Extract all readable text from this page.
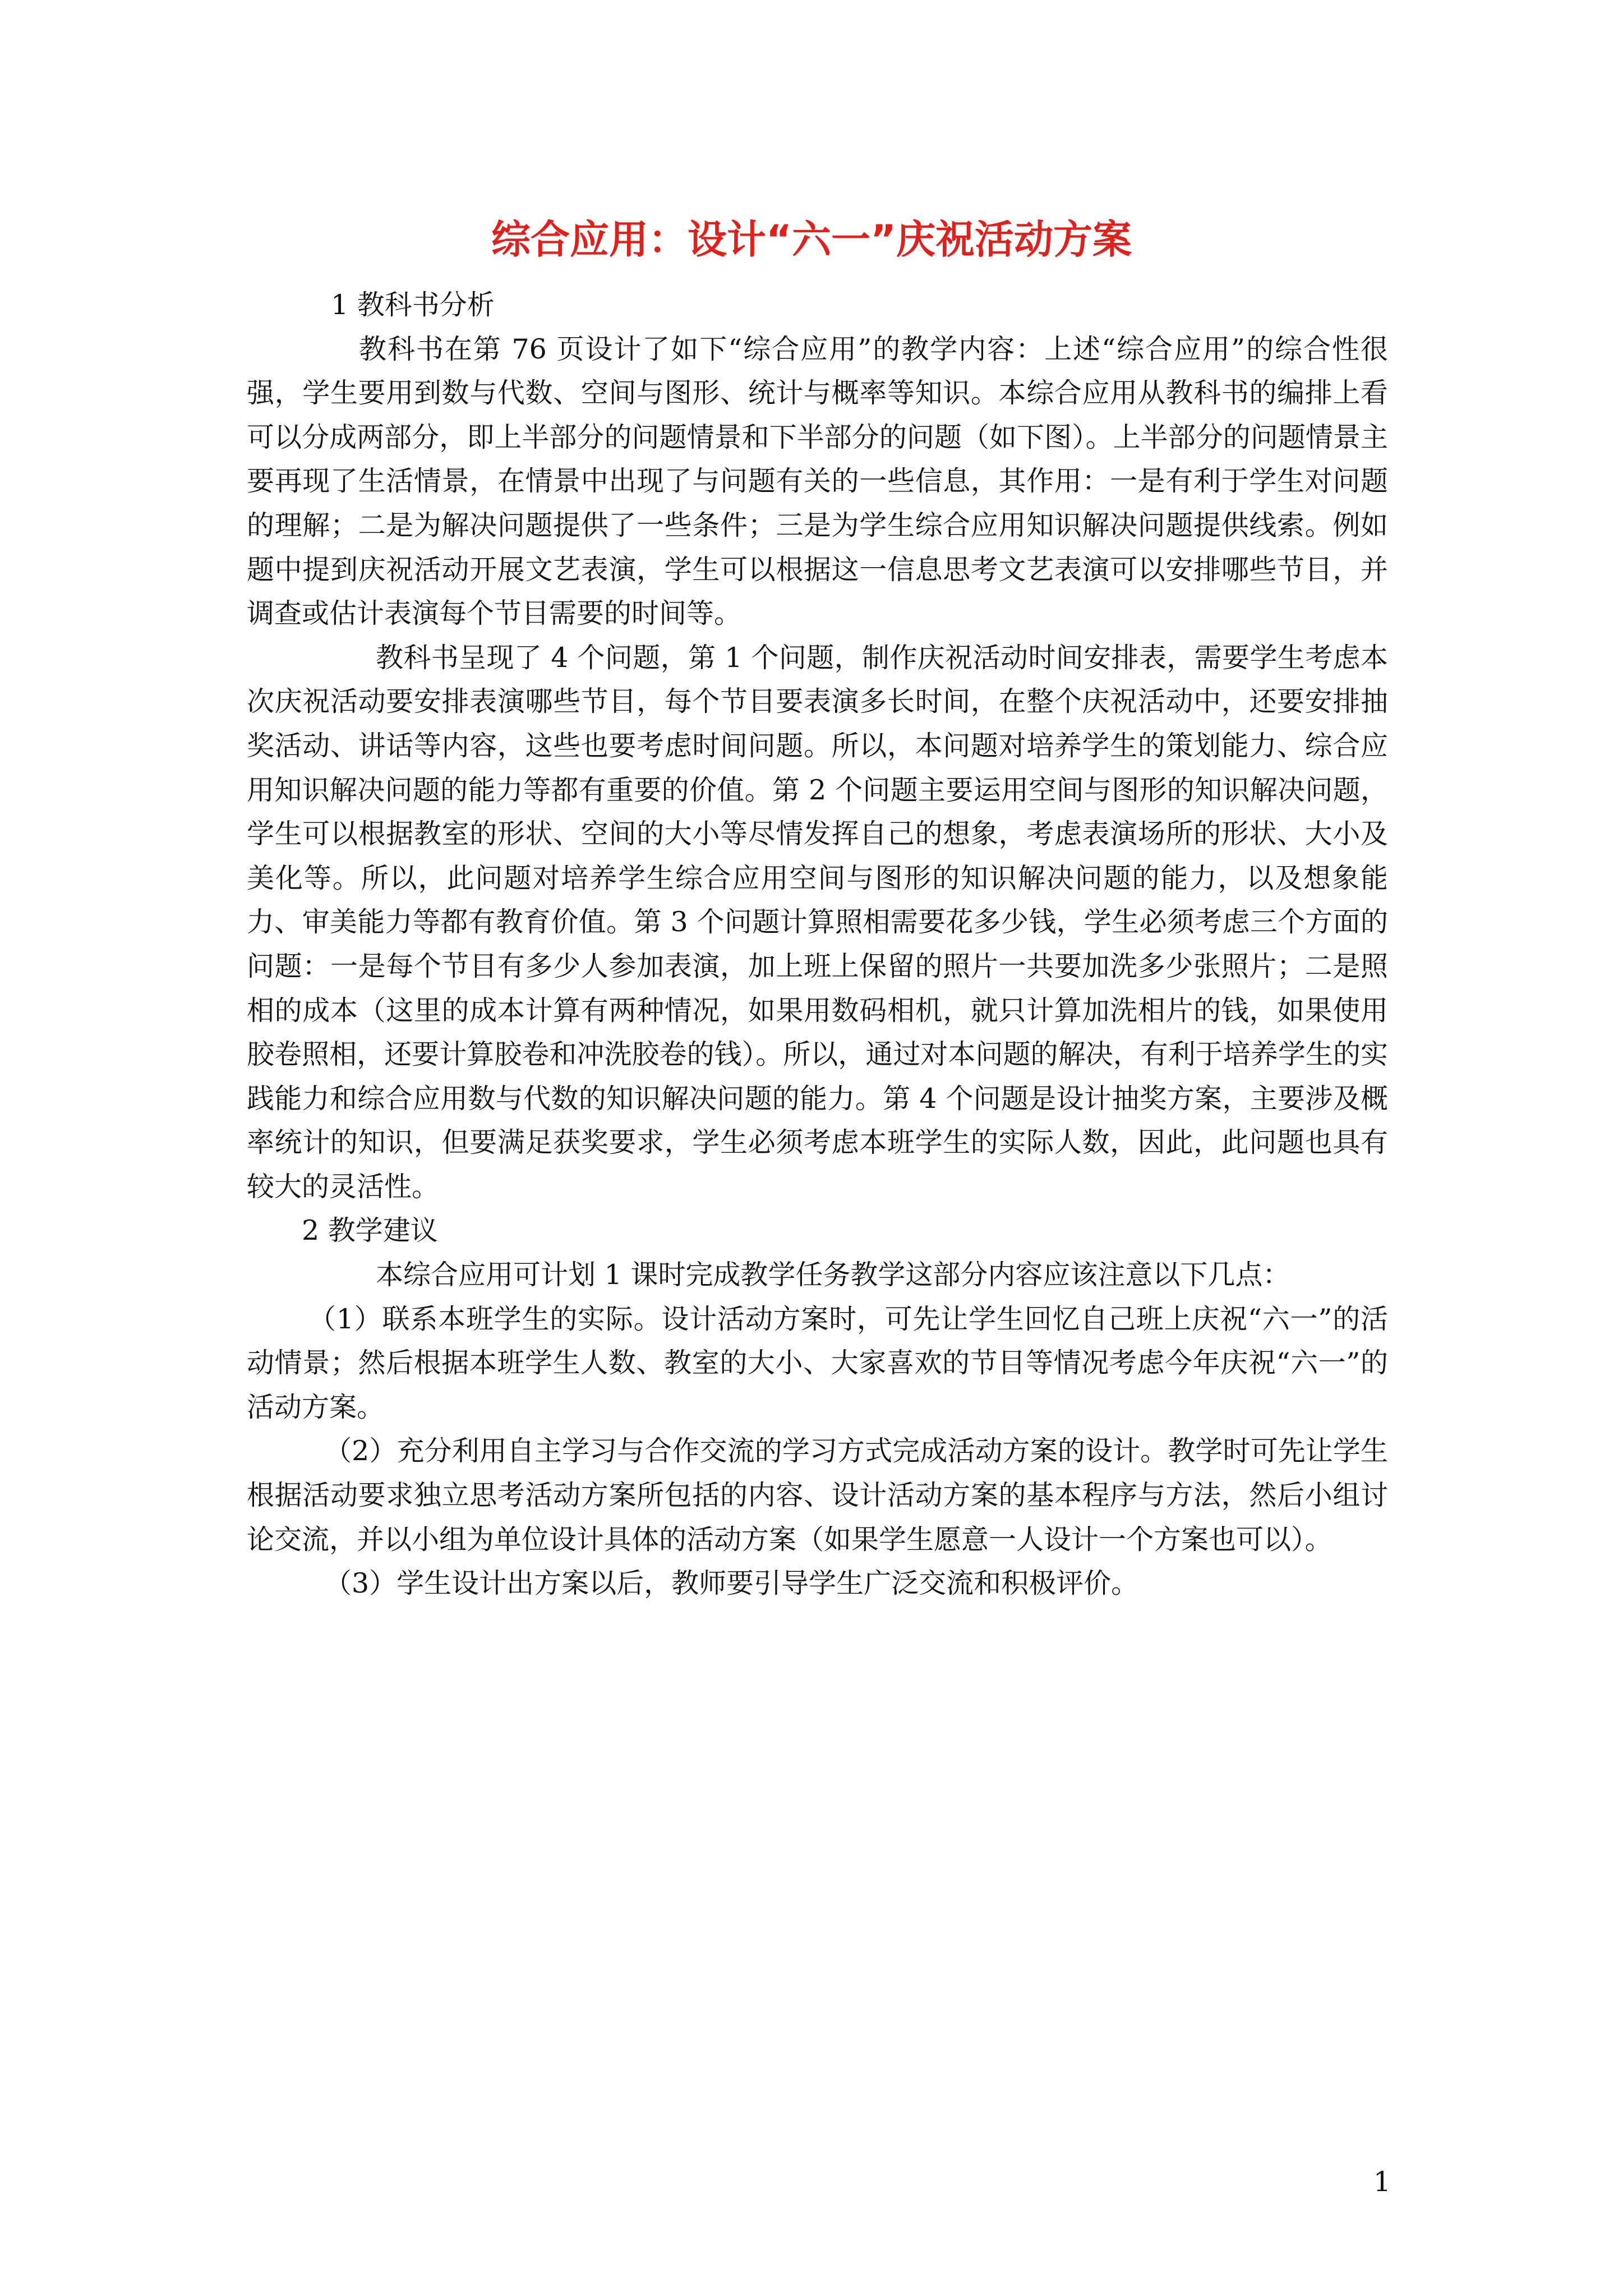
综合应用：设计“六一”庆祝活动方案

1 教科书分析

教科书在第 76 页设计了如下“综合应用”的教学内容：上述“综合应用”的综合性很强，学生要用到数与代数、空间与图形、统计与概率等知识。本综合应用从教科书的编排上看可以分成两部分，即上半部分的问题情景和下半部分的问题（如下图）。上半部分的问题情景主要再现了生活情景，在情景中出现了与问题有关的一些信息，其作用：一是有利于学生对问题的理解；二是为解决问题提供了一些条件；三是为学生综合应用知识解决问题提供线索。例如题中提到庆祝活动开展文艺表演，学生可以根据这一信息思考文艺表演可以安排哪些节目，并调查或估计表演每个节目需要的时间等。

教科书呈现了 4 个问题，第 1 个问题，制作庆祝活动时间安排表，需要学生考虑本次庆祝活动要安排表演哪些节目，每个节目要表演多长时间，在整个庆祝活动中，还要安排抽奖活动、讲话等内容，这些也要考虑时间问题。所以，本问题对培养学生的策划能力、综合应用知识解决问题的能力等都有重要的价值。第 2 个问题主要运用空间与图形的知识解决问题，学生可以根据教室的形状、空间的大小等尽情发挥自己的想象，考虑表演场所的形状、大小及美化等。所以，此问题对培养学生综合应用空间与图形的知识解决问题的能力，以及想象能力、审美能力等都有教育价值。第 3 个问题计算照相需要花多少钱，学生必须考虑三个方面的问题：一是每个节目有多少人参加表演，加上班上保留的照片一共要加洗多少张照片；二是照相的成本（这里的成本计算有两种情况，如果用数码相机，就只计算加洗相片的钱，如果使用胶卷照相，还要计算胶卷和冲洗胶卷的钱）。所以，通过对本问题的解决，有利于培养学生的实践能力和综合应用数与代数的知识解决问题的能力。第 4 个问题是设计抽奖方案，主要涉及概率统计的知识，但要满足获奖要求，学生必须考虑本班学生的实际人数，因此，此问题也具有较大的灵活性。

2 教学建议

本综合应用可计划 1 课时完成教学任务教学这部分内容应该注意以下几点：

（1）联系本班学生的实际。设计活动方案时，可先让学生回忆自己班上庆祝“六一”的活动情景；然后根据本班学生人数、教室的大小、大家喜欢的节目等情况考虑今年庆祝“六一”的活动方案。

（2）充分利用自主学习与合作交流的学习方式完成活动方案的设计。教学时可先让学生根据活动要求独立思考活动方案所包括的内容、设计活动方案的基本程序与方法，然后小组讨论交流，并以小组为单位设计具体的活动方案（如果学生愿意一人设计一个方案也可以）。

（3）学生设计出方案以后，教师要引导学生广泛交流和积极评价。

1
